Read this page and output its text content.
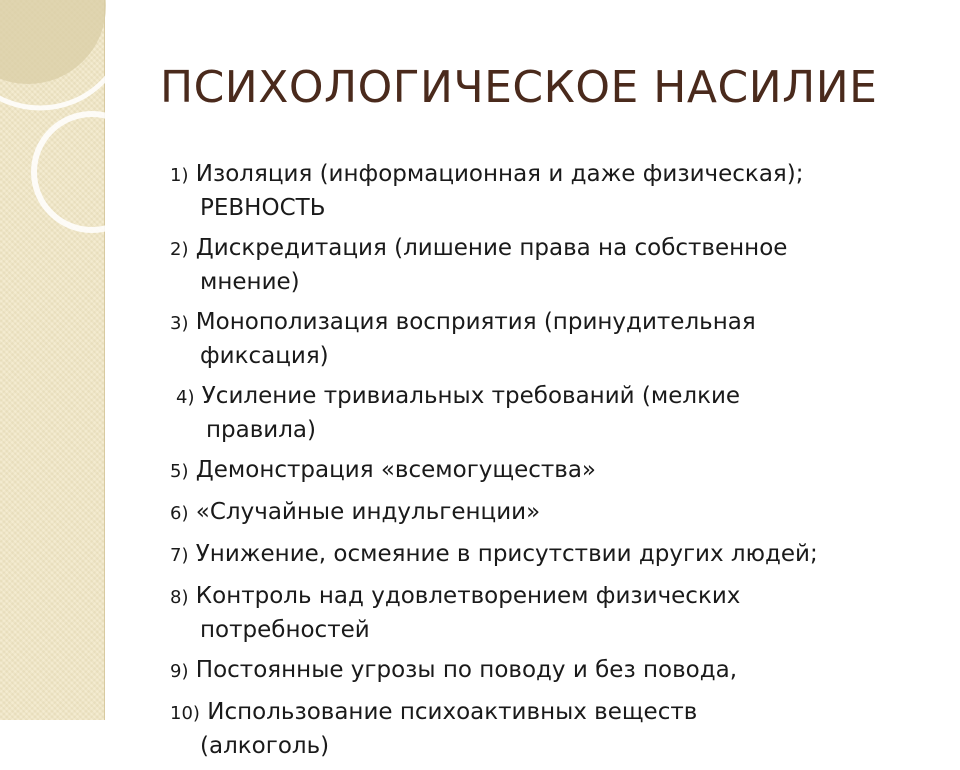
ПСИХОЛОГИЧЕСКОЕ НАСИЛИЕ
1) Изоляция (информационная и даже физическая);
РЕВНОСТЬ
2) Дискредитация (лишение права на собственное
мнение)
3) Монополизация восприятия (принудительная
фиксация)
4) Усиление тривиальных требований (мелкие
правила)
5) Демонстрация «всемогущества»
6) «Случайные индульгенции»
7) Унижение, осмеяние в присутствии других людей;
8) Контроль над удовлетворением физических
потребностей
9) Постоянные угрозы по поводу и без повода,
10) Использование психоактивных веществ
(алкоголь)
